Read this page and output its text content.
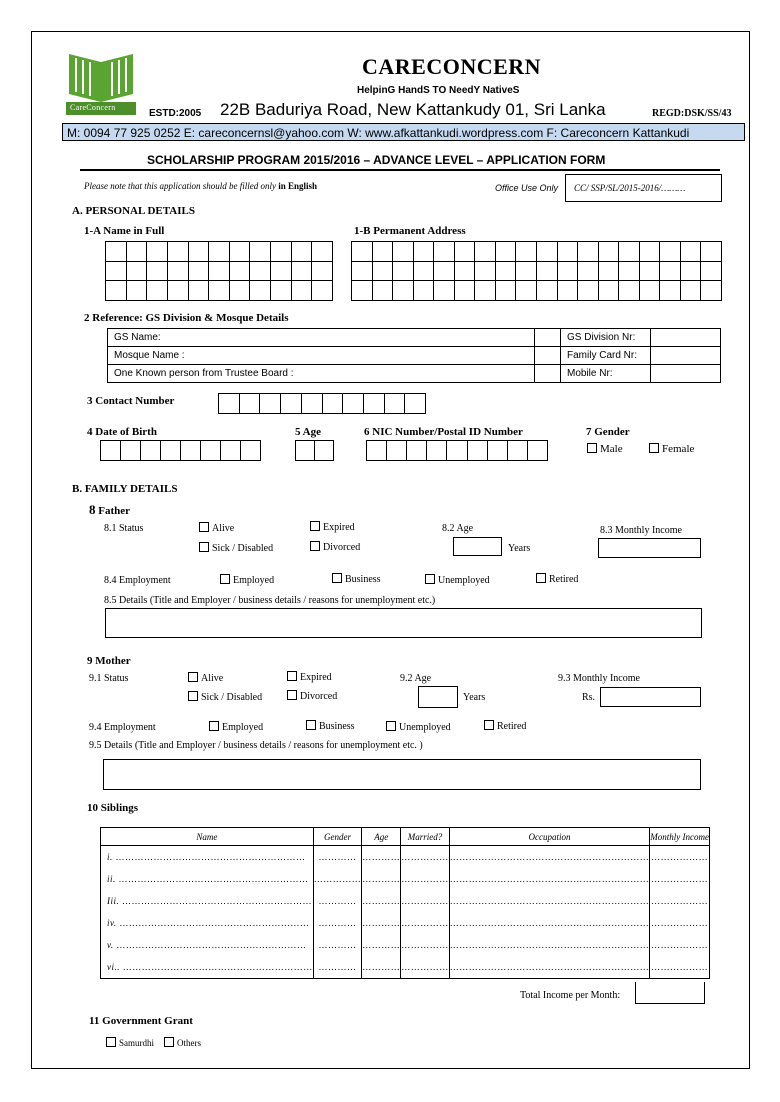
CareConcern
CARECONCERN
HelpinG HandS TO NeedY NativeS
ESTD:2005 22B Baduriya Road, New Kattankudy 01, Sri Lanka	REGD:DSK/SS/43
M: 0094 77 925 0252 E: careconcernsl@yahoo.com W: www.afkattankudi.wordpress.com F: Careconcern Kattankudi
SCHOLARSHIP PROGRAM 2015/2016 – ADVANCE LEVEL – APPLICATION FORM
Please note that this application should be filled only in English	Office Use Only CC/ SSP/SL/2015-2016/………
A. PERSONAL DETAILS
1-A Name in Full	1-B Permanent Address
2 Reference: GS Division & Mosque Details
GS Name:		GS Division Nr:	
Mosque Name :		Family Card Nr:	
One Known person from Trustee Board :		Mobile Nr:	
3 Contact Number
4 Date of Birth	5 Age	6 NIC Number/Postal ID Number	7 Gender
Male	Female
B. FAMILY DETAILS
8 Father
8.1 Status	Alive	Expired
Sick / Disabled	Divorced
8.2 Age
Years
8.3 Monthly Income
8.4 Employment	Employed	Business	Unemployed	Retired
8.5 Details (Title and Employer / business details / reasons for unemployment etc.)
9 Mother
9.1 Status	Alive	Expired
Sick / Disabled	Divorced
9.2 Age
Years
9.3 Monthly Income
Rs.
9.4 Employment	Employed	Business	Unemployed	Retired
9.5 Details (Title and Employer / business details / reasons for unemployment etc. )
10 Siblings
Name	Gender	Age	Married?	Occupation	Monthly Income
i. ……………………………………………………	…………	…………	……………	………………………………………………………	………………
ii. ……………………………………………………	……………	…………	……………	………………………………………………………	………………
Iii. ……………………………………………………	…………	…………	……………	………………………………………………………	………………
iv. ……………………………………………………	…………	…………	……………	………………………………………………………	………………
v. ……………………………………………………	…………	…………	……………	………………………………………………………	………………
vi.. ……………………………………………………	…………	…………	……………	………………………………………………………	………………
Total Income per Month:
11 Government Grant
Samurdhi	Others
